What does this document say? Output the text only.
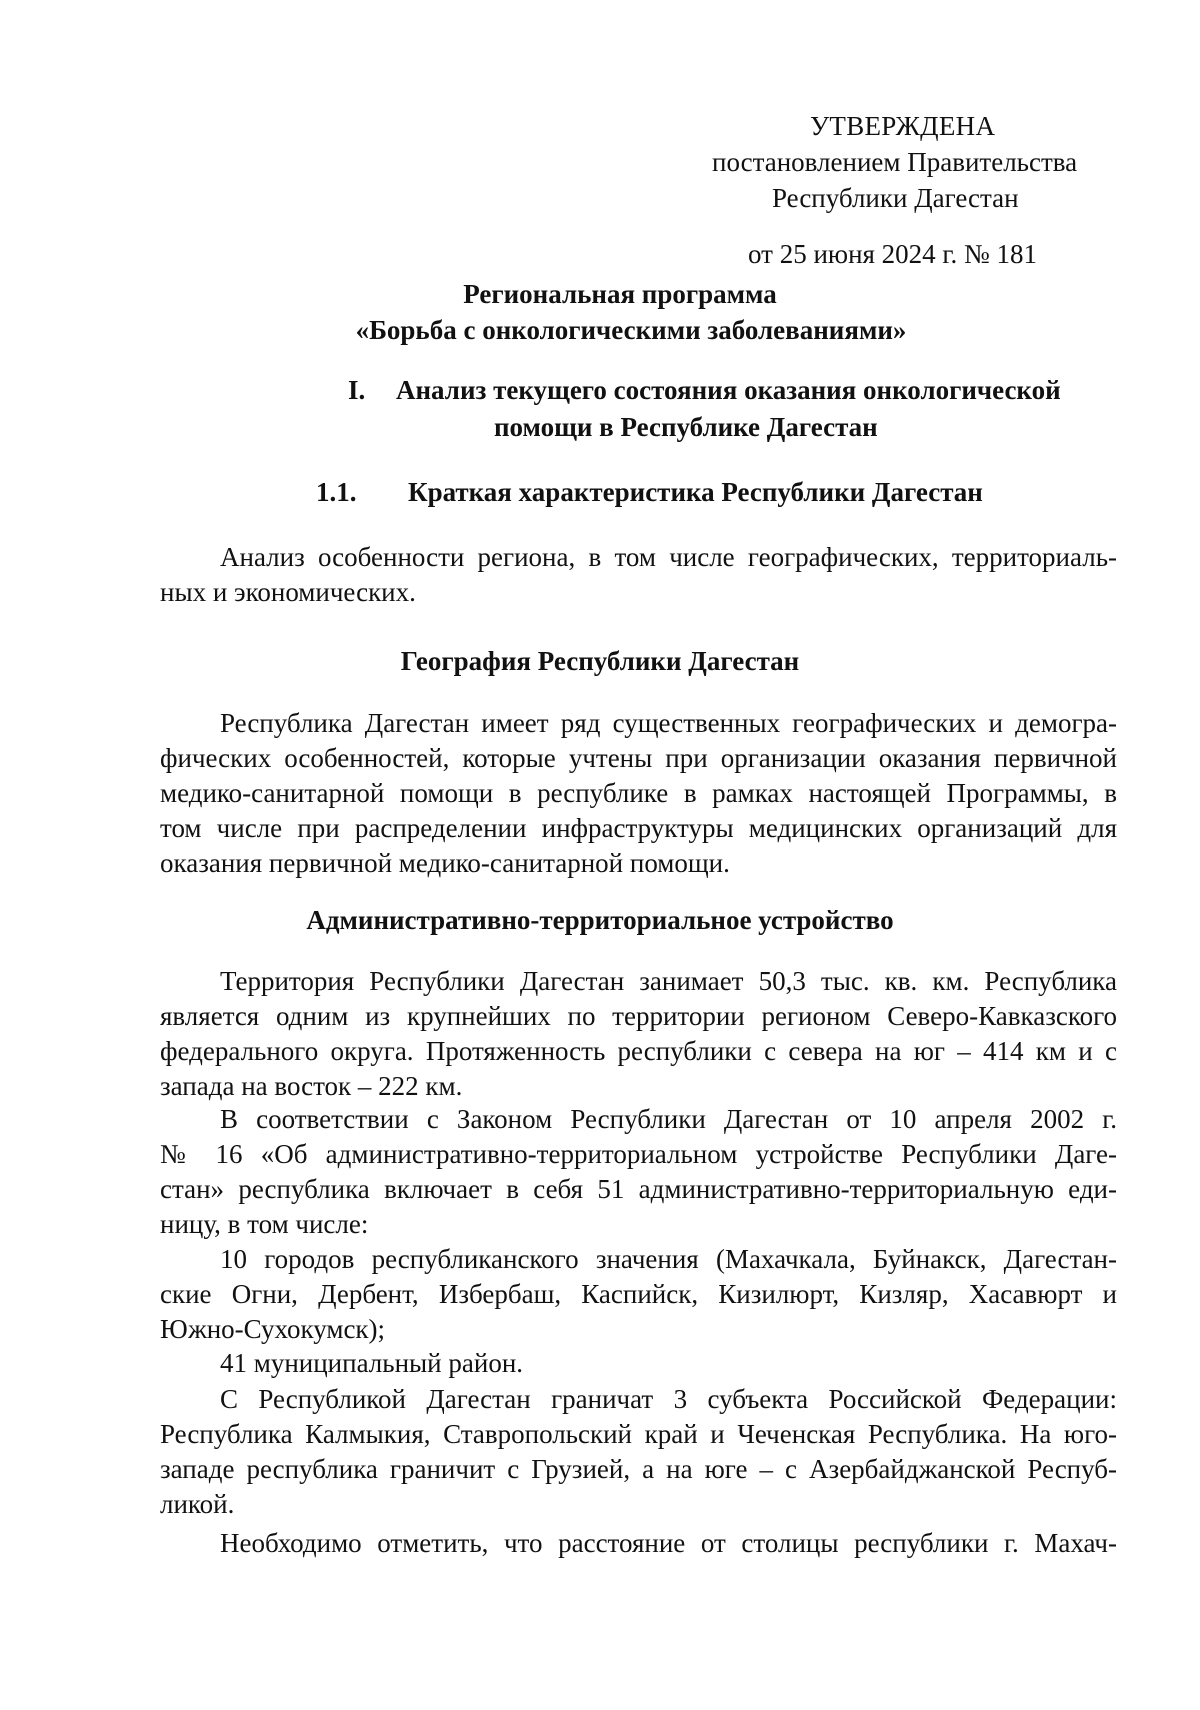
УТВЕРЖДЕНА
постановлением Правительства
Республики Дагестан
от 25 июня 2024 г. № 181
Региональная программа
«Борьба с онкологическими заболеваниями»
I. Анализ текущего состояния оказания онкологической
помощи в Республике Дагестан
1.1. Краткая характеристика Республики Дагестан
Анализ особенности региона, в том числе географических, территориаль-
ных и экономических.
География Республики Дагестан
Республика Дагестан имеет ряд существенных географических и демогра-
фических особенностей, которые учтены при организации оказания первичной
медико-санитарной помощи в республике в рамках настоящей Программы, в
том числе при распределении инфраструктуры медицинских организаций для
оказания первичной медико-санитарной помощи.
Административно-территориальное устройство
Территория Республики Дагестан занимает 50,3 тыс. кв. км. Республика
является одним из крупнейших по территории регионом Северо-Кавказского
федерального округа. Протяженность республики с севера на юг – 414 км и с
запада на восток – 222 км.
В соответствии с Законом Республики Дагестан от 10 апреля 2002 г.
№ 16 «Об административно-территориальном устройстве Республики Даге-
стан» республика включает в себя 51 административно-территориальную еди-
ницу, в том числе:
10 городов республиканского значения (Махачкала, Буйнакск, Дагестан-
ские Огни, Дербент, Избербаш, Каспийск, Кизилюрт, Кизляр, Хасавюрт и
Южно-Сухокумск);
41 муниципальный район.
С Республикой Дагестан граничат 3 субъекта Российской Федерации:
Республика Калмыкия, Ставропольский край и Чеченская Республика. На юго-
западе республика граничит с Грузией, а на юге – с Азербайджанской Респуб-
ликой.
Необходимо отметить, что расстояние от столицы республики г. Махач-
